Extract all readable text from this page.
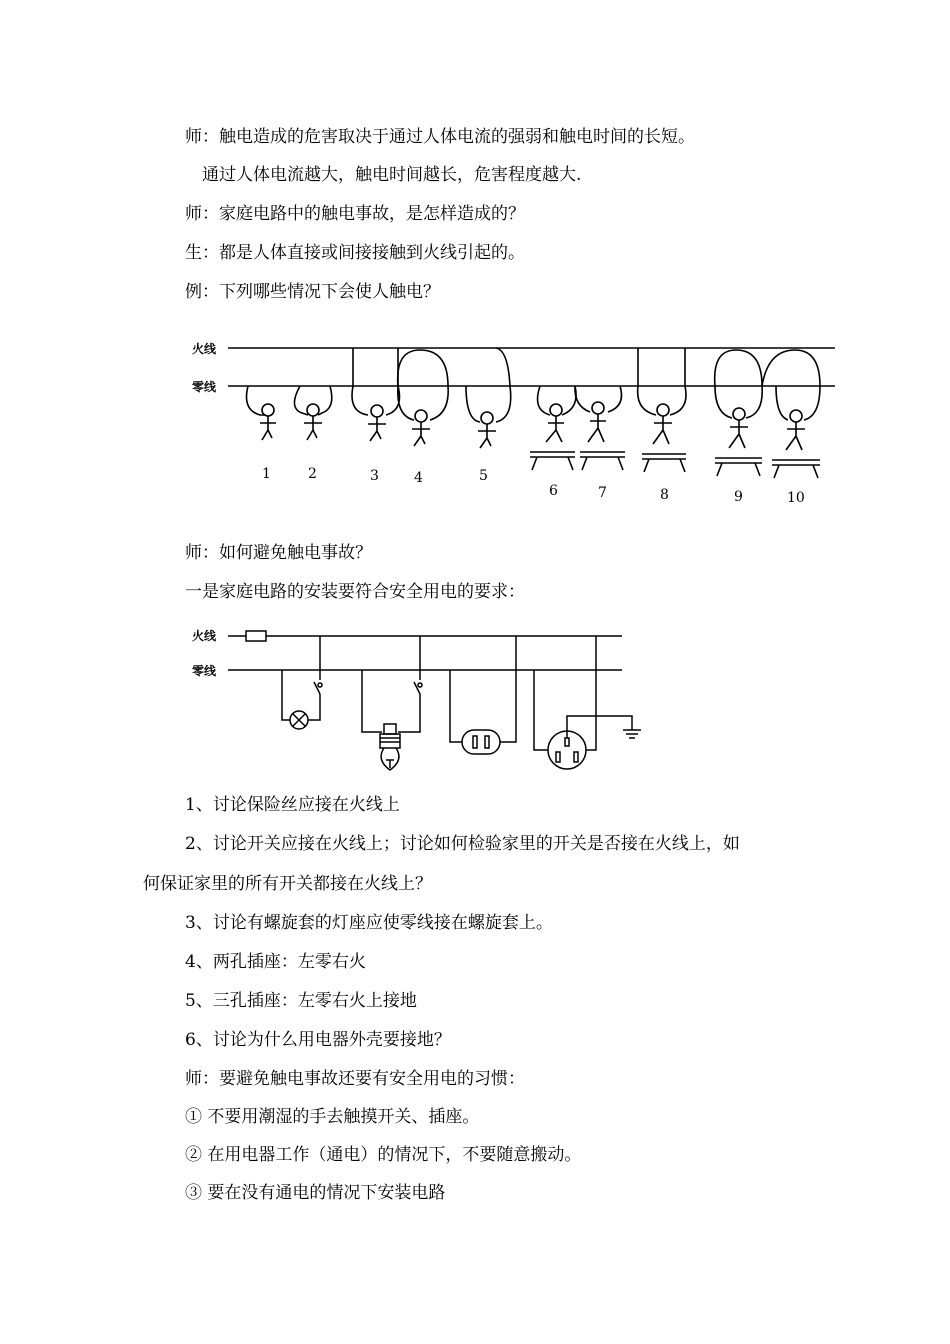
师：触电造成的危害取决于通过人体电流的强弱和触电时间的长短。
通过人体电流越大，触电时间越长，危害程度越大.
师：家庭电路中的触电事故，是怎样造成的？
生：都是人体直接或间接接触到火线引起的。
例：下列哪些情况下会使人触电？
火线
零线
1	2	3	4	5
6	7	8	9	10
师：如何避免触电事故？
一是家庭电路的安装要符合安全用电的要求：
火线
零线
1、讨论保险丝应接在火线上
2、讨论开关应接在火线上；讨论如何检验家里的开关是否接在火线上，如
何保证家里的所有开关都接在火线上？
3、讨论有螺旋套的灯座应使零线接在螺旋套上。
4、两孔插座：左零右火
5、三孔插座：左零右火上接地
6、讨论为什么用电器外壳要接地？
师：要避免触电事故还要有安全用电的习惯：
① 不要用潮湿的手去触摸开关、插座。
② 在用电器工作（通电）的情况下，不要随意搬动。
③ 要在没有通电的情况下安装电路
